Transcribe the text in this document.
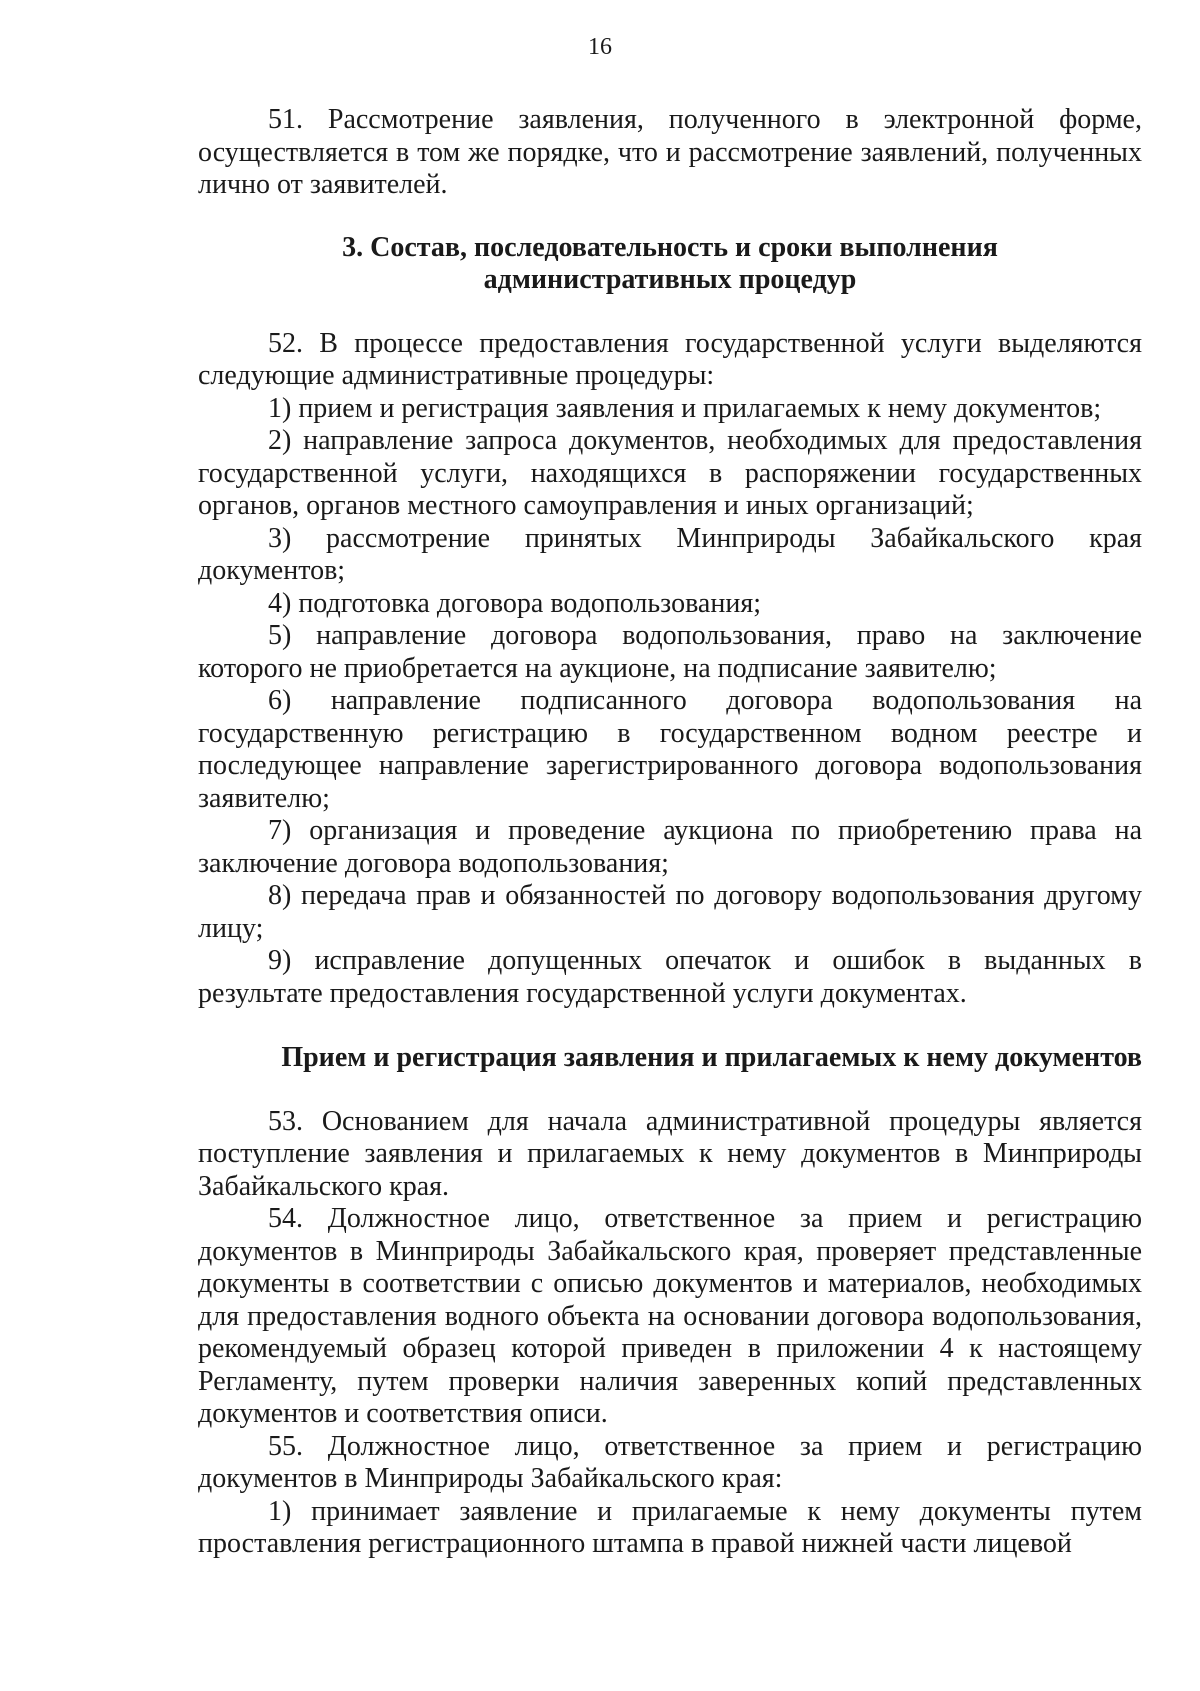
16

51. Рассмотрение заявления, полученного в электронной форме, осуществляется в том же порядке, что и рассмотрение заявлений, полученных лично от заявителей.

3. Состав, последовательность и сроки выполнения

административных процедур

52. В процессе предоставления государственной услуги выделяются следующие административные процедуры:

1) прием и регистрация заявления и прилагаемых к нему документов;

2) направление запроса документов, необходимых для предоставления государственной услуги, находящихся в распоряжении государственных органов, органов местного самоуправления и иных организаций;

3) рассмотрение принятых Минприроды Забайкальского края документов;

4) подготовка договора водопользования;

5) направление договора водопользования, право на заключение которого не приобретается на аукционе, на подписание заявителю;

6) направление подписанного договора водопользования на государственную регистрацию в государственном водном реестре и последующее направление зарегистрированного договора водопользования заявителю;

7) организация и проведение аукциона по приобретению права на заключение договора водопользования;

8) передача прав и обязанностей по договору водопользования другому лицу;

9) исправление допущенных опечаток и ошибок в выданных в результате предоставления государственной услуги документах.

Прием и регистрация заявления и прилагаемых к нему документов

53. Основанием для начала административной процедуры является поступление заявления и прилагаемых к нему документов в Минприроды Забайкальского края.

54. Должностное лицо, ответственное за прием и регистрацию документов в Минприроды Забайкальского края, проверяет представленные документы в соответствии с описью документов и материалов, необходимых для предоставления водного объекта на основании договора водопользования, рекомендуемый образец которой приведен в приложении 4 к настоящему Регламенту, путем проверки наличия заверенных копий представленных документов и соответствия описи.

55. Должностное лицо, ответственное за прием и регистрацию документов в Минприроды Забайкальского края:

1) принимает заявление и прилагаемые к нему документы путем проставления регистрационного штампа в правой нижней части лицевой
